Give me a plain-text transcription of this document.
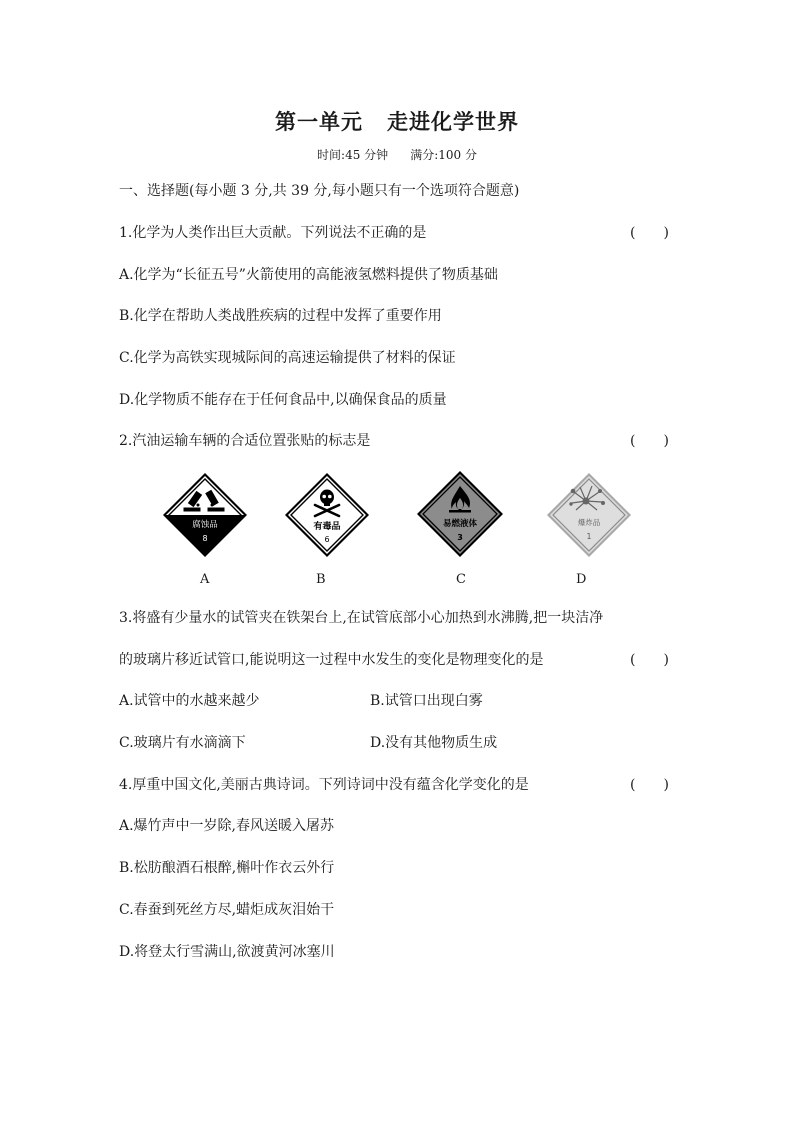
第一单元 走进化学世界
时间:45 分钟 满分:100 分
一、选择题(每小题 3 分,共 39 分,每小题只有一个选项符合题意)
1.化学为人类作出巨大贡献。下列说法不正确的是	(　　)
A.化学为“长征五号”火箭使用的高能液氢燃料提供了物质基础
B.化学在帮助人类战胜疾病的过程中发挥了重要作用
C.化学为高铁实现城际间的高速运输提供了材料的保证
D.化学物质不能存在于任何食品中,以确保食品的质量
2.汽油运输车辆的合适位置张贴的标志是	(　　)
腐蚀品
8
有毒品
6
易燃液体
3
爆炸品
1
A	B	C	D
3.将盛有少量水的试管夹在铁架台上,在试管底部小心加热到水沸腾,把一块洁净
的玻璃片移近试管口,能说明这一过程中水发生的变化是物理变化的是	(　　)
A.试管中的水越来越少	B.试管口出现白雾
C.玻璃片有水滴滴下	D.没有其他物质生成
4.厚重中国文化,美丽古典诗词。下列诗词中没有蕴含化学变化的是	(　　)
A.爆竹声中一岁除,春风送暖入屠苏
B.松肪酿酒石根醉,槲叶作衣云外行
C.春蚕到死丝方尽,蜡炬成灰泪始干
D.将登太行雪满山,欲渡黄河冰塞川
